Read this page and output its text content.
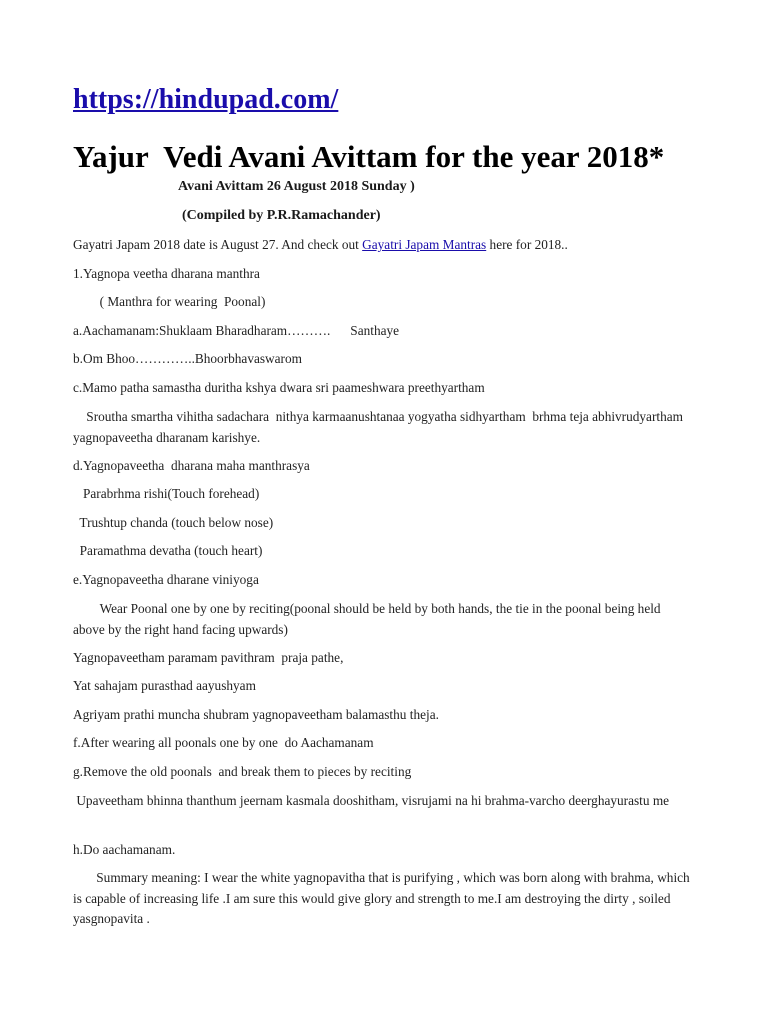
https://hindupad.com/
Yajur  Vedi Avani Avittam for the year 2018*
Avani Avittam 26 August 2018 Sunday )
(Compiled by P.R.Ramachander)

Gayatri Japam 2018 date is August 27. And check out Gayatri Japam Mantras here for 2018..

1.Yagnopa veetha dharana manthra

( Manthra for wearing  Poonal)

a.Aachamanam:Shuklaam Bharadharam……….      Santhaye

b.Om Bhoo…………..Bhoorbhavaswarom

c.Mamo patha samastha duritha kshya dwara sri paameshwara preethyartham

Sroutha smartha vihitha sadachara  nithya karmaanushtanaa yogyatha sidhyartham  brhma teja abhivrudyartham yagnopaveetha dharanam karishye.

d.Yagnopaveetha  dharana maha manthrasya

Parabrhma rishi(Touch forehead)

Trushtup chanda (touch below nose)

Paramathma devatha (touch heart)

e.Yagnopaveetha dharane viniyoga

Wear Poonal one by one by reciting(poonal should be held by both hands, the tie in the poonal being held above by the right hand facing upwards)

Yagnopaveetham paramam pavithram  praja pathe,

Yat sahajam purasthad aayushyam

Agriyam prathi muncha shubram yagnopaveetham balamasthu theja.

f.After wearing all poonals one by one  do Aachamanam

g.Remove the old poonals  and break them to pieces by reciting

Upaveetham bhinna thanthum jeernam kasmala dooshitham, visrujami na hi brahma-varcho deerghayurastu me

h.Do aachamanam.

Summary meaning: I wear the white yagnopavitha that is purifying , which was born along with brahma, which is capable of increasing life .I am sure this would give glory and strength to me.I am destroying the dirty , soiled yasgnopavita .
